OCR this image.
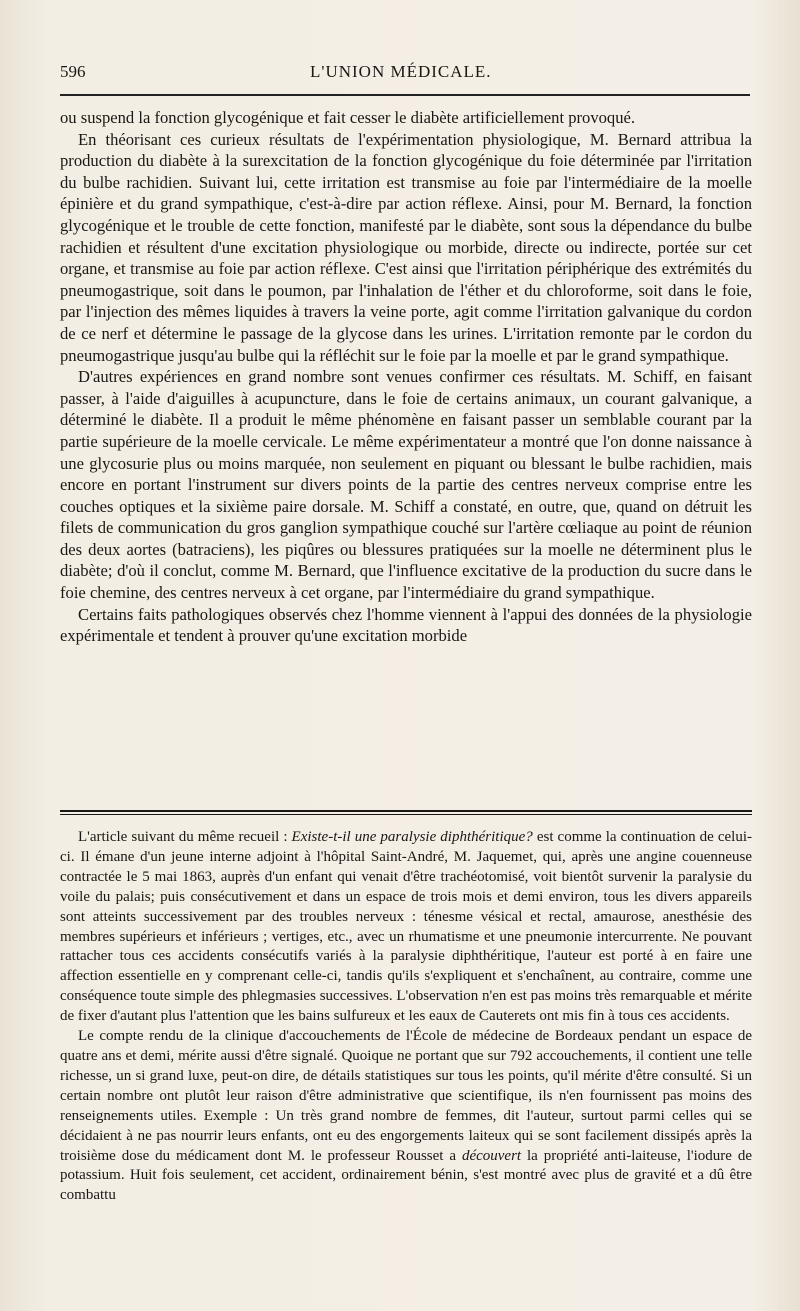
596	L'UNION MÉDICALE.

ou suspend la fonction glycogénique et fait cesser le diabète artificiellement provoqué.

En théorisant ces curieux résultats de l'expérimentation physiologique, M. Bernard attribua la production du diabète à la surexcitation de la fonction glycogénique du foie déterminée par l'irritation du bulbe rachidien. Suivant lui, cette irritation est transmise au foie par l'intermédiaire de la moelle épinière et du grand sympathique, c'est-à-dire par action réflexe. Ainsi, pour M. Bernard, la fonction glycogénique et le trouble de cette fonction, manifesté par le diabète, sont sous la dépendance du bulbe rachidien et résultent d'une excitation physiologique ou morbide, directe ou indirecte, portée sur cet organe, et transmise au foie par action réflexe. C'est ainsi que l'irritation périphérique des extrémités du pneumogastrique, soit dans le poumon, par l'inhalation de l'éther et du chloroforme, soit dans le foie, par l'injection des mêmes liquides à travers la veine porte, agit comme l'irritation galvanique du cordon de ce nerf et détermine le passage de la glycose dans les urines. L'irritation remonte par le cordon du pneumogastrique jusqu'au bulbe qui la réfléchit sur le foie par la moelle et par le grand sympathique.

D'autres expériences en grand nombre sont venues confirmer ces résultats. M. Schiff, en faisant passer, à l'aide d'aiguilles à acupuncture, dans le foie de certains animaux, un courant galvanique, a déterminé le diabète. Il a produit le même phénomène en faisant passer un semblable courant par la partie supérieure de la moelle cervicale. Le même expérimentateur a montré que l'on donne naissance à une glycosurie plus ou moins marquée, non seulement en piquant ou blessant le bulbe rachidien, mais encore en portant l'instrument sur divers points de la partie des centres nerveux comprise entre les couches optiques et la sixième paire dorsale. M. Schiff a constaté, en outre, que, quand on détruit les filets de communication du gros ganglion sympathique couché sur l'artère cœliaque au point de réunion des deux aortes (batraciens), les piqûres ou blessures pratiquées sur la moelle ne déterminent plus le diabète; d'où il conclut, comme M. Bernard, que l'influence excitative de la production du sucre dans le foie chemine, des centres nerveux à cet organe, par l'intermédiaire du grand sympathique.

Certains faits pathologiques observés chez l'homme viennent à l'appui des données de la physiologie expérimentale et tendent à prouver qu'une excitation morbide

L'article suivant du même recueil : Existe-t-il une paralysie diphthéritique? est comme la continuation de celui-ci. Il émane d'un jeune interne adjoint à l'hôpital Saint-André, M. Jaquemet, qui, après une angine couenneuse contractée le 5 mai 1863, auprès d'un enfant qui venait d'être trachéotomisé, voit bientôt survenir la paralysie du voile du palais; puis consécutivement et dans un espace de trois mois et demi environ, tous les divers appareils sont atteints successivement par des troubles nerveux : ténesme vésical et rectal, amaurose, anesthésie des membres supérieurs et inférieurs ; vertiges, etc., avec un rhumatisme et une pneumonie intercurrente. Ne pouvant rattacher tous ces accidents consécutifs variés à la paralysie diphthéritique, l'auteur est porté à en faire une affection essentielle en y comprenant celle-ci, tandis qu'ils s'expliquent et s'enchaînent, au contraire, comme une conséquence toute simple des phlegmasies successives. L'observation n'en est pas moins très remarquable et mérite de fixer d'autant plus l'attention que les bains sulfureux et les eaux de Cauterets ont mis fin à tous ces accidents.

Le compte rendu de la clinique d'accouchements de l'École de médecine de Bordeaux pendant un espace de quatre ans et demi, mérite aussi d'être signalé. Quoique ne portant que sur 792 accouchements, il contient une telle richesse, un si grand luxe, peut-on dire, de détails statistiques sur tous les points, qu'il mérite d'être consulté. Si un certain nombre ont plutôt leur raison d'être administrative que scientifique, ils n'en fournissent pas moins des renseignements utiles. Exemple : Un très grand nombre de femmes, dit l'auteur, surtout parmi celles qui se décidaient à ne pas nourrir leurs enfants, ont eu des engorgements laiteux qui se sont facilement dissipés après la troisième dose du médicament dont M. le professeur Rousset a découvert la propriété anti-laiteuse, l'iodure de potassium. Huit fois seulement, cet accident, ordinairement bénin, s'est montré avec plus de gravité et a dû être combattu
